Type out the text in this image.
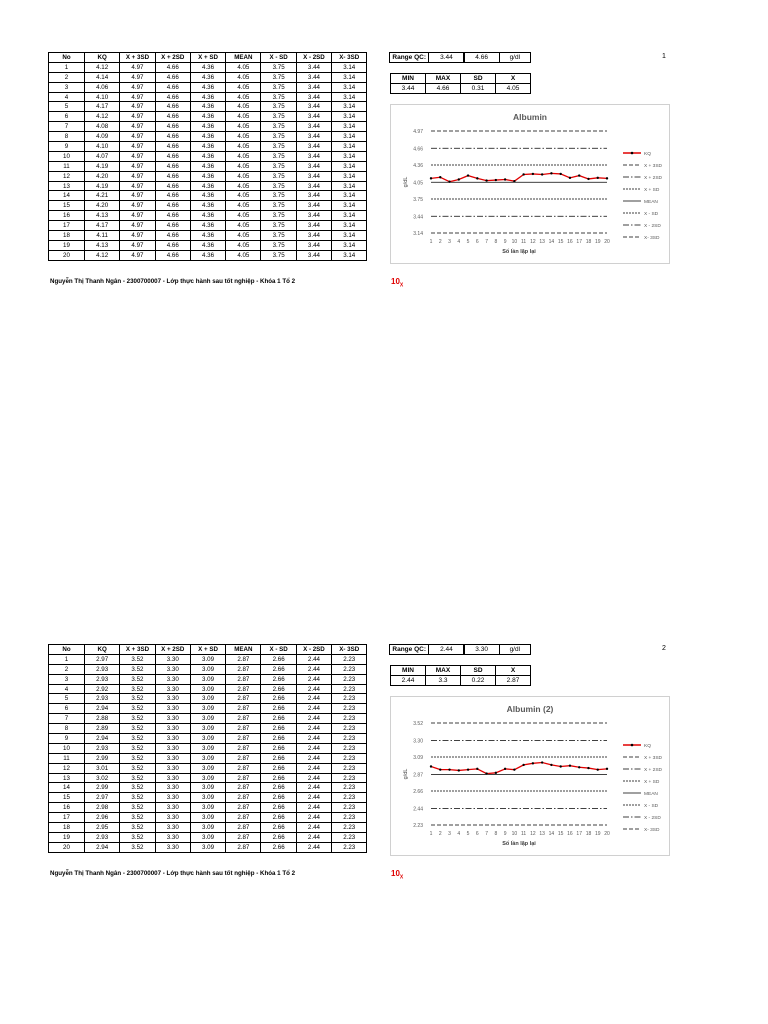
No	KQ	X + 3SD	X + 2SD	X + SD	MEAN	X - SD	X - 2SD	X- 3SD
1	4.12	4.97	4.66	4.36	4.05	3.75	3.44	3.14
2	4.14	4.97	4.66	4.36	4.05	3.75	3.44	3.14
3	4.06	4.97	4.66	4.36	4.05	3.75	3.44	3.14
4	4.10	4.97	4.66	4.36	4.05	3.75	3.44	3.14
5	4.17	4.97	4.66	4.36	4.05	3.75	3.44	3.14
6	4.12	4.97	4.66	4.36	4.05	3.75	3.44	3.14
7	4.08	4.97	4.66	4.36	4.05	3.75	3.44	3.14
8	4.09	4.97	4.66	4.36	4.05	3.75	3.44	3.14
9	4.10	4.97	4.66	4.36	4.05	3.75	3.44	3.14
10	4.07	4.97	4.66	4.36	4.05	3.75	3.44	3.14
11	4.19	4.97	4.66	4.36	4.05	3.75	3.44	3.14
12	4.20	4.97	4.66	4.36	4.05	3.75	3.44	3.14
13	4.19	4.97	4.66	4.36	4.05	3.75	3.44	3.14
14	4.21	4.97	4.66	4.36	4.05	3.75	3.44	3.14
15	4.20	4.97	4.66	4.36	4.05	3.75	3.44	3.14
16	4.13	4.97	4.66	4.36	4.05	3.75	3.44	3.14
17	4.17	4.97	4.66	4.36	4.05	3.75	3.44	3.14
18	4.11	4.97	4.66	4.36	4.05	3.75	3.44	3.14
19	4.13	4.97	4.66	4.36	4.05	3.75	3.44	3.14
20	4.12	4.97	4.66	4.36	4.05	3.75	3.44	3.14
Range QC:	3.44	4.66	g/dl	1
MIN	MAX	SD	X
3.44	4.66	0.31	4.05
Albumin
4.97
4.66
4.36
4.05
3.75
3.44
3.14
1 2 3 4 5 6 7 8 9 10 11 12 13 14 15 16 17 18 19 20
Số lần lặp lại
g/dL
KQ
X + 3SD
X + 2SD
X + SD
MEAN
X - SD
X - 2SD
X- 3SD
Nguyễn Thị Thanh Ngân - 2300700007 - Lớp thực hành sau tốt nghiệp - Khóa 1 Tổ 2	$10_X$
No	KQ	X + 3SD	X + 2SD	X + SD	MEAN	X - SD	X - 2SD	X- 3SD
1	2.97	3.52	3.30	3.09	2.87	2.66	2.44	2.23
2	2.93	3.52	3.30	3.09	2.87	2.66	2.44	2.23
3	2.93	3.52	3.30	3.09	2.87	2.66	2.44	2.23
4	2.92	3.52	3.30	3.09	2.87	2.66	2.44	2.23
5	2.93	3.52	3.30	3.09	2.87	2.66	2.44	2.23
6	2.94	3.52	3.30	3.09	2.87	2.66	2.44	2.23
7	2.88	3.52	3.30	3.09	2.87	2.66	2.44	2.23
8	2.89	3.52	3.30	3.09	2.87	2.66	2.44	2.23
9	2.94	3.52	3.30	3.09	2.87	2.66	2.44	2.23
10	2.93	3.52	3.30	3.09	2.87	2.66	2.44	2.23
11	2.99	3.52	3.30	3.09	2.87	2.66	2.44	2.23
12	3.01	3.52	3.30	3.09	2.87	2.66	2.44	2.23
13	3.02	3.52	3.30	3.09	2.87	2.66	2.44	2.23
14	2.99	3.52	3.30	3.09	2.87	2.66	2.44	2.23
15	2.97	3.52	3.30	3.09	2.87	2.66	2.44	2.23
16	2.98	3.52	3.30	3.09	2.87	2.66	2.44	2.23
17	2.96	3.52	3.30	3.09	2.87	2.66	2.44	2.23
18	2.95	3.52	3.30	3.09	2.87	2.66	2.44	2.23
19	2.93	3.52	3.30	3.09	2.87	2.66	2.44	2.23
20	2.94	3.52	3.30	3.09	2.87	2.66	2.44	2.23
Range QC:	2.44	3.30	g/dl	2
MIN	MAX	SD	X
2.44	3.3	0.22	2.87
Albumin (2)
3.52
3.30
3.09
2.87
2.66
2.44
2.23
1 2 3 4 5 6 7 8 9 10 11 12 13 14 15 16 17 18 19 20
Số lần lặp lại
g/dL
KQ
X + 3SD
X + 2SD
X + SD
MEAN
X - SD
X - 2SD
X- 3SD
Nguyễn Thị Thanh Ngân - 2300700007 - Lớp thực hành sau tốt nghiệp - Khóa 1 Tổ 2	$10_X$
